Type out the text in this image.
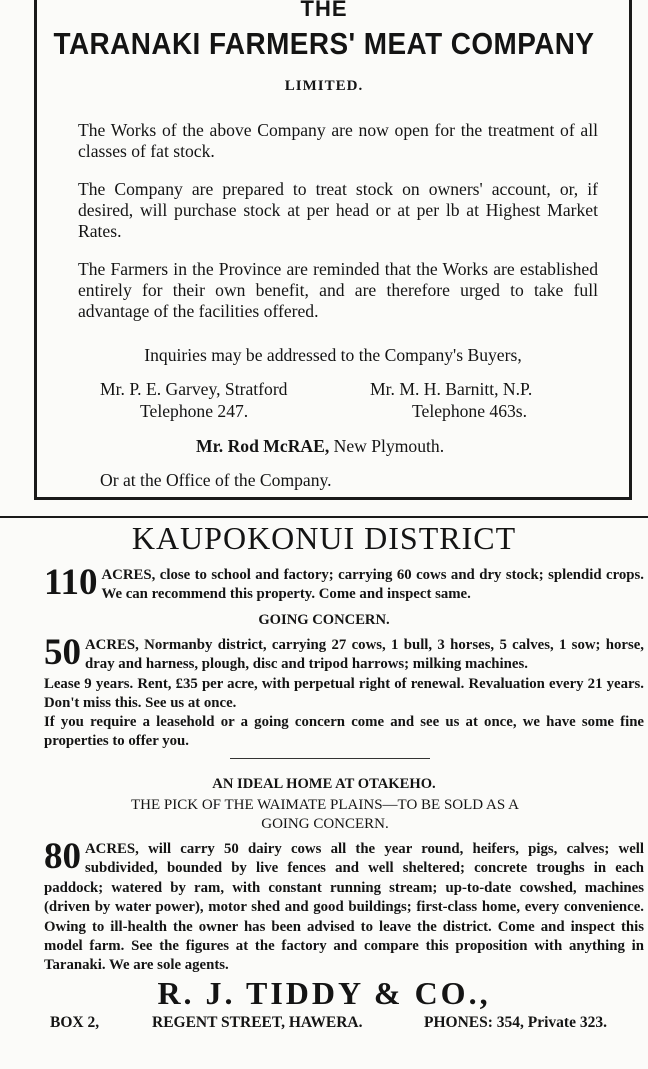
THE
TARANAKI FARMERS' MEAT COMPANY
LIMITED.
The Works of the above Company are now open for the treatment of all classes of fat stock.
The Company are prepared to treat stock on owners' account, or, if desired, will purchase stock at per head or at per lb at Highest Market Rates.
The Farmers in the Province are reminded that the Works are established entirely for their own benefit, and are therefore urged to take full advantage of the facilities offered.
Inquiries may be addressed to the Company's Buyers,
Mr. P. E. Garvey, Stratford
Telephone 247.
Mr. M. H. Barnitt, N.P.
Telephone 463s.
Mr. Rod McRAE, New Plymouth.
Or at the Office of the Company.
KAUPOKONUI DISTRICT
110 ACRES, close to school and factory; carrying 60 cows and dry stock; splendid crops. We can recommend this property. Come and inspect same.
GOING CONCERN.
50 ACRES, Normanby district, carrying 27 cows, 1 bull, 3 horses, 5 calves, 1 sow; horse, dray and harness, plough, disc and tripod harrows; milking machines.
Lease 9 years. Rent, £35 per acre, with perpetual right of renewal. Revaluation every 21 years. Don't miss this. See us at once.
If you require a leasehold or a going concern come and see us at once, we have some fine properties to offer you.
AN IDEAL HOME AT OTAKEHO.
THE PICK OF THE WAIMATE PLAINS—TO BE SOLD AS A GOING CONCERN.
80 ACRES, will carry 50 dairy cows all the year round, heifers, pigs, calves; well subdivided, bounded by live fences and well sheltered; concrete troughs in each paddock; watered by ram, with constant running stream; up-to-date cowshed, machines (driven by water power), motor shed and good buildings; first-class home, every convenience. Owing to ill-health the owner has been advised to leave the district. Come and inspect this model farm. See the figures at the factory and compare this proposition with anything in Taranaki. We are sole agents.
R. J. TIDDY & CO.,
BOX 2,	REGENT STREET, HAWERA.	PHONES: 354, Private 323.
